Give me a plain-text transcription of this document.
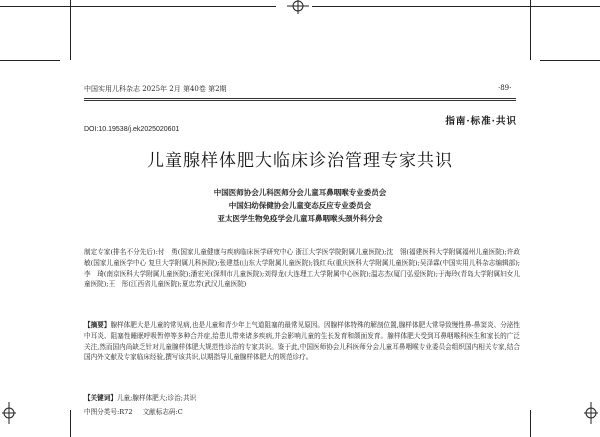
中国实用儿科杂志 2025年 2月 第40卷 第2期	·89·
指南·标准·共识
DOI:10.19538/j.ek2025020601
儿童腺样体肥大临床诊治管理专家共识
中国医师协会儿科医师分会儿童耳鼻咽喉专业委员会
中国妇幼保健协会儿童变态反应专业委员会
亚太医学生物免疫学会儿童耳鼻咽喉头颈外科分会
制定专家(排名不分先后):付　勇(国家儿童健康与疾病临床医学研究中心 浙江大学医学院附属儿童医院);沈　翎(福建医科大学附属福州儿童医院);许政敏(国家儿童医学中心 复旦大学附属儿科医院);张建基(山东大学附属儿童医院);钱红兵(重庆医科大学附属儿童医院);吴泽霖(中国实用儿科杂志编辑部);李　琦(南京医科大学附属儿童医院);潘宏光(深圳市儿童医院);刘得龙(大连理工大学附属中心医院);温志杰(厦门弘爱医院);于海玲(青岛大学附属妇女儿童医院);王　彤(江西省儿童医院);夏忠芳(武汉儿童医院)
【摘要】腺样体肥大是儿童的常见病,也是儿童和青少年上气道阻塞的最常见原因。因腺样体特殊的解剖位置,腺样体肥大常导致慢性鼻-鼻窦炎、分泌性中耳炎、阻塞性睡眠呼吸暂停等多种合并症,给患儿带来诸多疾病,并会影响儿童的生长发育和颌面发育。腺样体肥大受到耳鼻咽喉科医生和家长的广泛关注,然而国内尚缺乏针对儿童腺样体肥大规范性诊治的专家共识。鉴于此,中国医师协会儿科医师分会儿童耳鼻咽喉专业委员会组织国内相关专家,结合国内外文献及专家临床经验,撰写该共识,以期指导儿童腺样体肥大的规范诊疗。
【关键词】儿童;腺样体肥大;诊治;共识
中图分类号:R72 文献标志码:C
